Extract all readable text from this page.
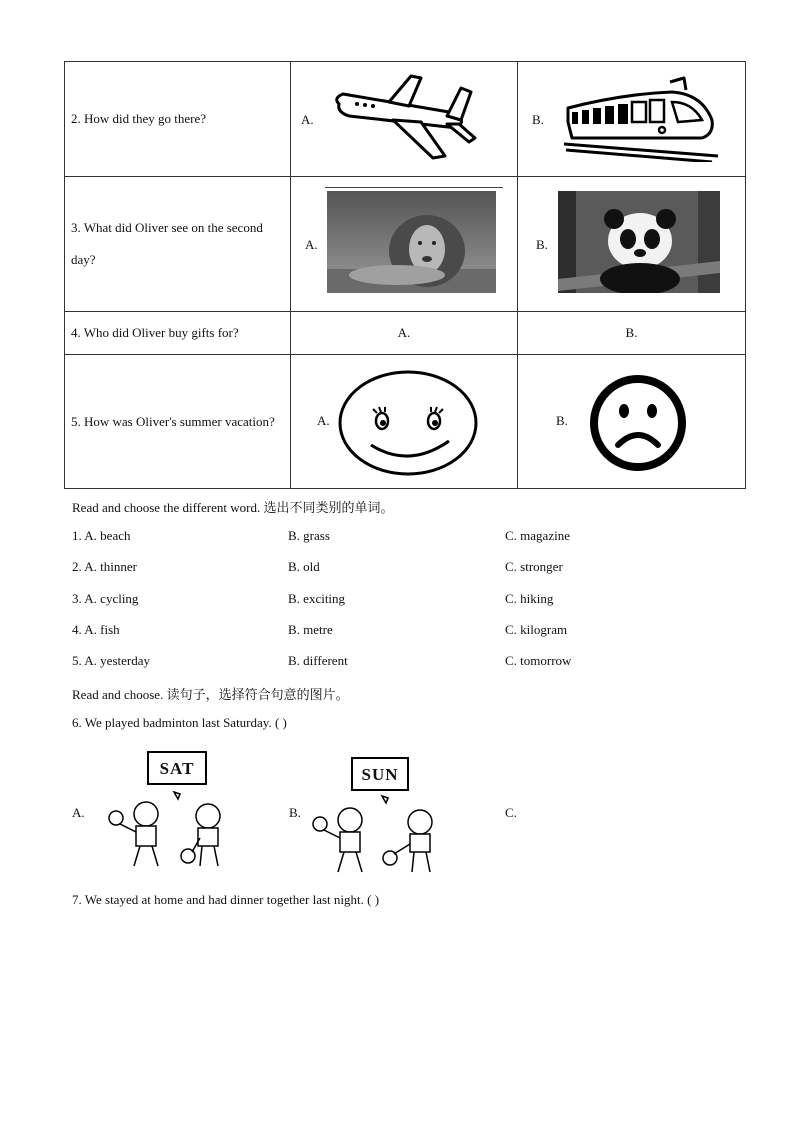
2. How did they go there?	A.	B.

3. What did Oliver see on the second day?	A.	B.

4. Who did Oliver buy gifts for?	A.	B.

5. How was Oliver's summer vacation?	A.	B.
Read and choose the different word. 选出不同类别的单词。
1. A. beach	B. grass	C. magazine
2. A. thinner	B. old	C. stronger
3. A. cycling	B. exciting	C. hiking
4. A. fish	B. metre	C. kilogram
5. A. yesterday	B. different	C. tomorrow
Read and choose. 读句子，选择符合句意的图片。
6. We played badminton last Saturday. ( )
A.	B.	C.
SAT	SUN
7. We stayed at home and had dinner together last night. ( )
